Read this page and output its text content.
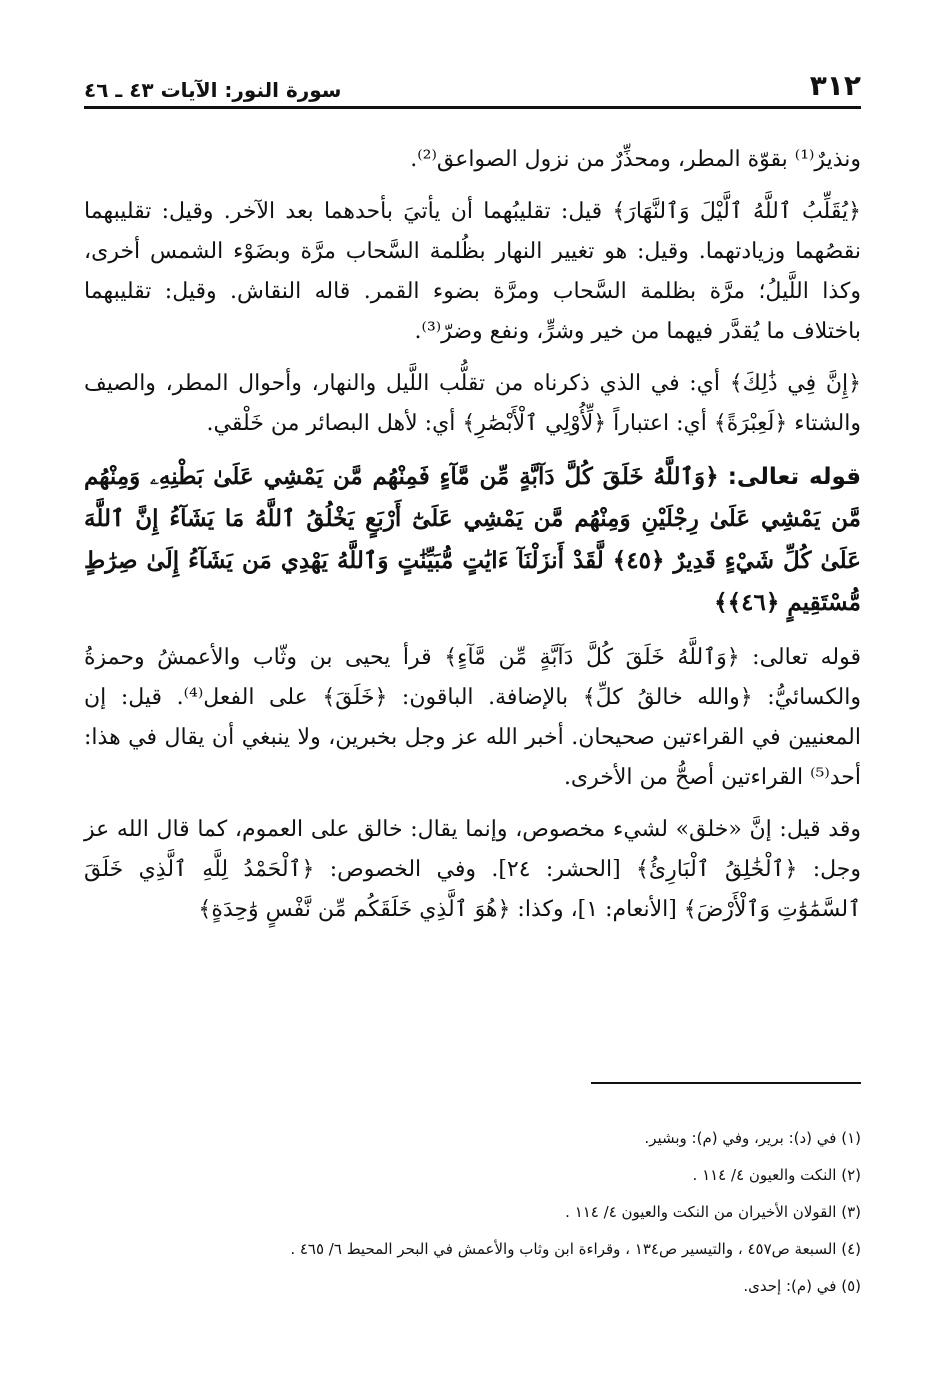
٣١٢
سورة النور: الآيات ٤٣ ـ ٤٦

ونذيرٌ⁽¹⁾ بقوّة المطر، ومحذِّرٌ من نزول الصواعق⁽²⁾.

﴿يُقَلِّبُ ٱللَّهُ ٱلَّيْلَ وَٱلنَّهَارَ﴾ قيل: تقليبُهما أن يأتيَ بأحدهما بعد الآخر. وقيل: تقليبهما نقصُهما وزيادتهما. وقيل: هو تغيير النهار بظُلمة السَّحاب مرَّة وبضَوْء الشمس أخرى، وكذا اللَّيلُ؛ مرَّة بظلمة السَّحاب ومرَّة بضوء القمر. قاله النقاش. وقيل: تقليبهما باختلاف ما يُقدَّر فيهما من خير وشرٍّ، ونفع وضرّ⁽³⁾.

﴿إِنَّ فِي ذَٰلِكَ﴾ أي: في الذي ذكرناه من تقلُّب اللَّيل والنهار، وأحوال المطر، والصيف والشتاء ﴿لَعِبْرَةً﴾ أي: اعتباراً ﴿لِّأُوْلِي ٱلْأَبْصَٰرِ﴾ أي: لأهل البصائر من خَلْقي.

قوله تعالى: ﴿وَٱللَّهُ خَلَقَ كُلَّ دَآبَّةٍ مِّن مَّآءٍ فَمِنْهُم مَّن يَمْشِي عَلَىٰ بَطْنِهِۦ وَمِنْهُم مَّن يَمْشِي عَلَىٰ رِجْلَيْنِ وَمِنْهُم مَّن يَمْشِي عَلَىٰٓ أَرْبَعٍ يَخْلُقُ ٱللَّهُ مَا يَشَآءُ إِنَّ ٱللَّهَ عَلَىٰ كُلِّ شَيْءٍ قَدِيرٌ ﴿٤٥﴾ لَّقَدْ أَنزَلْنَآ ءَايَٰتٍ مُّبَيِّنَٰتٍ وَٱللَّهُ يَهْدِي مَن يَشَآءُ إِلَىٰ صِرَٰطٍ مُّسْتَقِيمٍ ﴿٤٦﴾﴾

قوله تعالى: ﴿وَٱللَّهُ خَلَقَ كُلَّ دَآبَّةٍ مِّن مَّآءٍ﴾ قرأ يحيى بن وثّاب والأعمشُ وحمزةُ والكسائيُّ: ﴿والله خالقُ كلِّ﴾ بالإضافة. الباقون: ﴿خَلَقَ﴾ على الفعل⁽⁴⁾. قيل: إن المعنيين في القراءتين صحيحان. أخبر الله عز وجل بخبرين، ولا ينبغي أن يقال في هذا: أحد⁽⁵⁾ القراءتين أصحُّ من الأخرى.

وقد قيل: إنَّ «خلق» لشيء مخصوص، وإنما يقال: خالق على العموم، كما قال الله عز وجل: ﴿ٱلْخَٰلِقُ ٱلْبَارِئُ﴾ [الحشر: ٢٤]. وفي الخصوص: ﴿ٱلْحَمْدُ لِلَّهِ ٱلَّذِي خَلَقَ ٱلسَّمَٰوَٰتِ وَٱلْأَرْضَ﴾ [الأنعام: ١]، وكذا: ﴿هُوَ ٱلَّذِي خَلَقَكُم مِّن نَّفْسٍ وَٰحِدَةٍ﴾

(١) في (د): برير، وفي (م): وبشير.

(٢) النكت والعيون ٤/ ١١٤ .

(٣) القولان الأخيران من النكت والعيون ٤/ ١١٤ .

(٤) السبعة ص٤٥٧ ، والتيسير ص١٣٤ ، وقراءة ابن وثاب والأعمش في البحر المحيط ٦/ ٤٦٥ .

(٥) في (م): إحدى.
